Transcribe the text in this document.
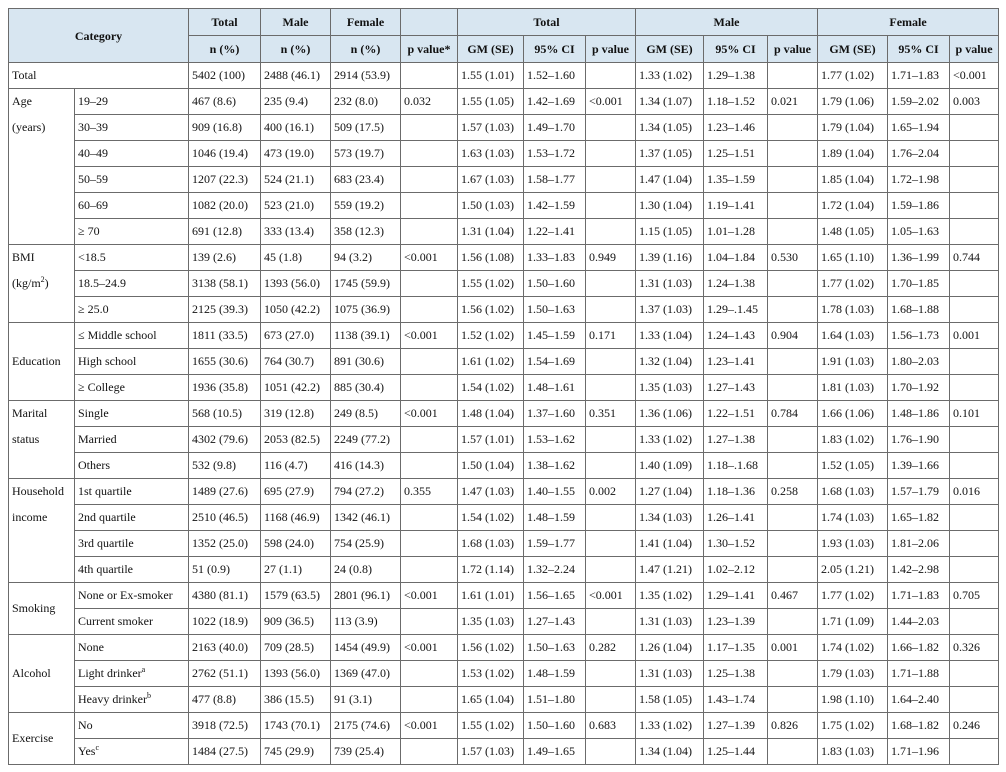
Category		Total	Male	Female		Total			Male			Female		
		n (%)	n (%)	n (%)	p value*	GM (SE)	95% CI	p value	GM (SE)	95% CI	p value	GM (SE)	95% CI	p value
Total		5402 (100)	2488 (46.1)	2914 (53.9)		1.55 (1.01)	1.52–1.60		1.33 (1.02)	1.29–1.38		1.77 (1.02)	1.71–1.83	<0.001
Age	19–29	467 (8.6)	235 (9.4)	232 (8.0)	0.032	1.55 (1.05)	1.42–1.69	<0.001	1.34 (1.07)	1.18–1.52	0.021	1.79 (1.06)	1.59–2.02	0.003
(years)	30–39	909 (16.8)	400 (16.1)	509 (17.5)		1.57 (1.03)	1.49–1.70		1.34 (1.05)	1.23–1.46		1.79 (1.04)	1.65–1.94	
	40–49	1046 (19.4)	473 (19.0)	573 (19.7)		1.63 (1.03)	1.53–1.72		1.37 (1.05)	1.25–1.51		1.89 (1.04)	1.76–2.04	
	50–59	1207 (22.3)	524 (21.1)	683 (23.4)		1.67 (1.03)	1.58–1.77		1.47 (1.04)	1.35–1.59		1.85 (1.04)	1.72–1.98	
	60–69	1082 (20.0)	523 (21.0)	559 (19.2)		1.50 (1.03)	1.42–1.59		1.30 (1.04)	1.19–1.41		1.72 (1.04)	1.59–1.86	
	≥ 70	691 (12.8)	333 (13.4)	358 (12.3)		1.31 (1.04)	1.22–1.41		1.15 (1.05)	1.01–1.28		1.48 (1.05)	1.05–1.63	
BMI	<18.5	139 (2.6)	45 (1.8)	94 (3.2)	<0.001	1.56 (1.08)	1.33–1.83	0.949	1.39 (1.16)	1.04–1.84	0.530	1.65 (1.10)	1.36–1.99	0.744
$(kg/m^2)$	18.5–24.9	3138 (58.1)	1393 (56.0)	1745 (59.9)		1.55 (1.02)	1.50–1.60		1.31 (1.03)	1.24–1.38		1.77 (1.02)	1.70–1.85	
	≥ 25.0	2125 (39.3)	1050 (42.2)	1075 (36.9)		1.56 (1.02)	1.50–1.63		1.37 (1.03)	1.29–.1.45		1.78 (1.03)	1.68–1.88	
Education	≤ Middle school	1811 (33.5)	673 (27.0)	1138 (39.1)	<0.001	1.52 (1.02)	1.45–1.59	0.171	1.33 (1.04)	1.24–1.43	0.904	1.64 (1.03)	1.56–1.73	0.001
	High school	1655 (30.6)	764 (30.7)	891 (30.6)		1.61 (1.02)	1.54–1.69		1.32 (1.04)	1.23–1.41		1.91 (1.03)	1.80–2.03	
	≥ College	1936 (35.8)	1051 (42.2)	885 (30.4)		1.54 (1.02)	1.48–1.61		1.35 (1.03)	1.27–1.43		1.81 (1.03)	1.70–1.92	
Marital	Single	568 (10.5)	319 (12.8)	249 (8.5)	<0.001	1.48 (1.04)	1.37–1.60	0.351	1.36 (1.06)	1.22–1.51	0.784	1.66 (1.06)	1.48–1.86	0.101
status	Married	4302 (79.6)	2053 (82.5)	2249 (77.2)		1.57 (1.01)	1.53–1.62		1.33 (1.02)	1.27–1.38		1.83 (1.02)	1.76–1.90	
	Others	532 (9.8)	116 (4.7)	416 (14.3)		1.50 (1.04)	1.38–1.62		1.40 (1.09)	1.18–.1.68		1.52 (1.05)	1.39–1.66	
Household	1st quartile	1489 (27.6)	695 (27.9)	794 (27.2)	0.355	1.47 (1.03)	1.40–1.55	0.002	1.27 (1.04)	1.18–1.36	0.258	1.68 (1.03)	1.57–1.79	0.016
income	2nd quartile	2510 (46.5)	1168 (46.9)	1342 (46.1)		1.54 (1.02)	1.48–1.59		1.34 (1.03)	1.26–1.41		1.74 (1.03)	1.65–1.82	
	3rd quartile	1352 (25.0)	598 (24.0)	754 (25.9)		1.68 (1.03)	1.59–1.77		1.41 (1.04)	1.30–1.52		1.93 (1.03)	1.81–2.06	
	4th quartile	51 (0.9)	27 (1.1)	24 (0.8)		1.72 (1.14)	1.32–2.24		1.47 (1.21)	1.02–2.12		2.05 (1.21)	1.42–2.98	
Smoking	None or Ex-smoker	4380 (81.1)	1579 (63.5)	2801 (96.1)	<0.001	1.61 (1.01)	1.56–1.65	<0.001	1.35 (1.02)	1.29–1.41	0.467	1.77 (1.02)	1.71–1.83	0.705
	Current smoker	1022 (18.9)	909 (36.5)	113 (3.9)		1.35 (1.03)	1.27–1.43		1.31 (1.03)	1.23–1.39		1.71 (1.09)	1.44–2.03	
Alcohol	None	2163 (40.0)	709 (28.5)	1454 (49.9)	<0.001	1.56 (1.02)	1.50–1.63	0.282	1.26 (1.04)	1.17–1.35	0.001	1.74 (1.02)	1.66–1.82	0.326
	Light drinker$^a$	2762 (51.1)	1393 (56.0)	1369 (47.0)		1.53 (1.02)	1.48–1.59		1.31 (1.03)	1.25–1.38		1.79 (1.03)	1.71–1.88	
	Heavy drinker$^b$	477 (8.8)	386 (15.5)	91 (3.1)		1.65 (1.04)	1.51–1.80		1.58 (1.05)	1.43–1.74		1.98 (1.10)	1.64–2.40	
Exercise	No	3918 (72.5)	1743 (70.1)	2175 (74.6)	<0.001	1.55 (1.02)	1.50–1.60	0.683	1.33 (1.02)	1.27–1.39	0.826	1.75 (1.02)	1.68–1.82	0.246
	Yes$^c$	1484 (27.5)	745 (29.9)	739 (25.4)		1.57 (1.03)	1.49–1.65		1.34 (1.04)	1.25–1.44		1.83 (1.03)	1.71–1.96	
